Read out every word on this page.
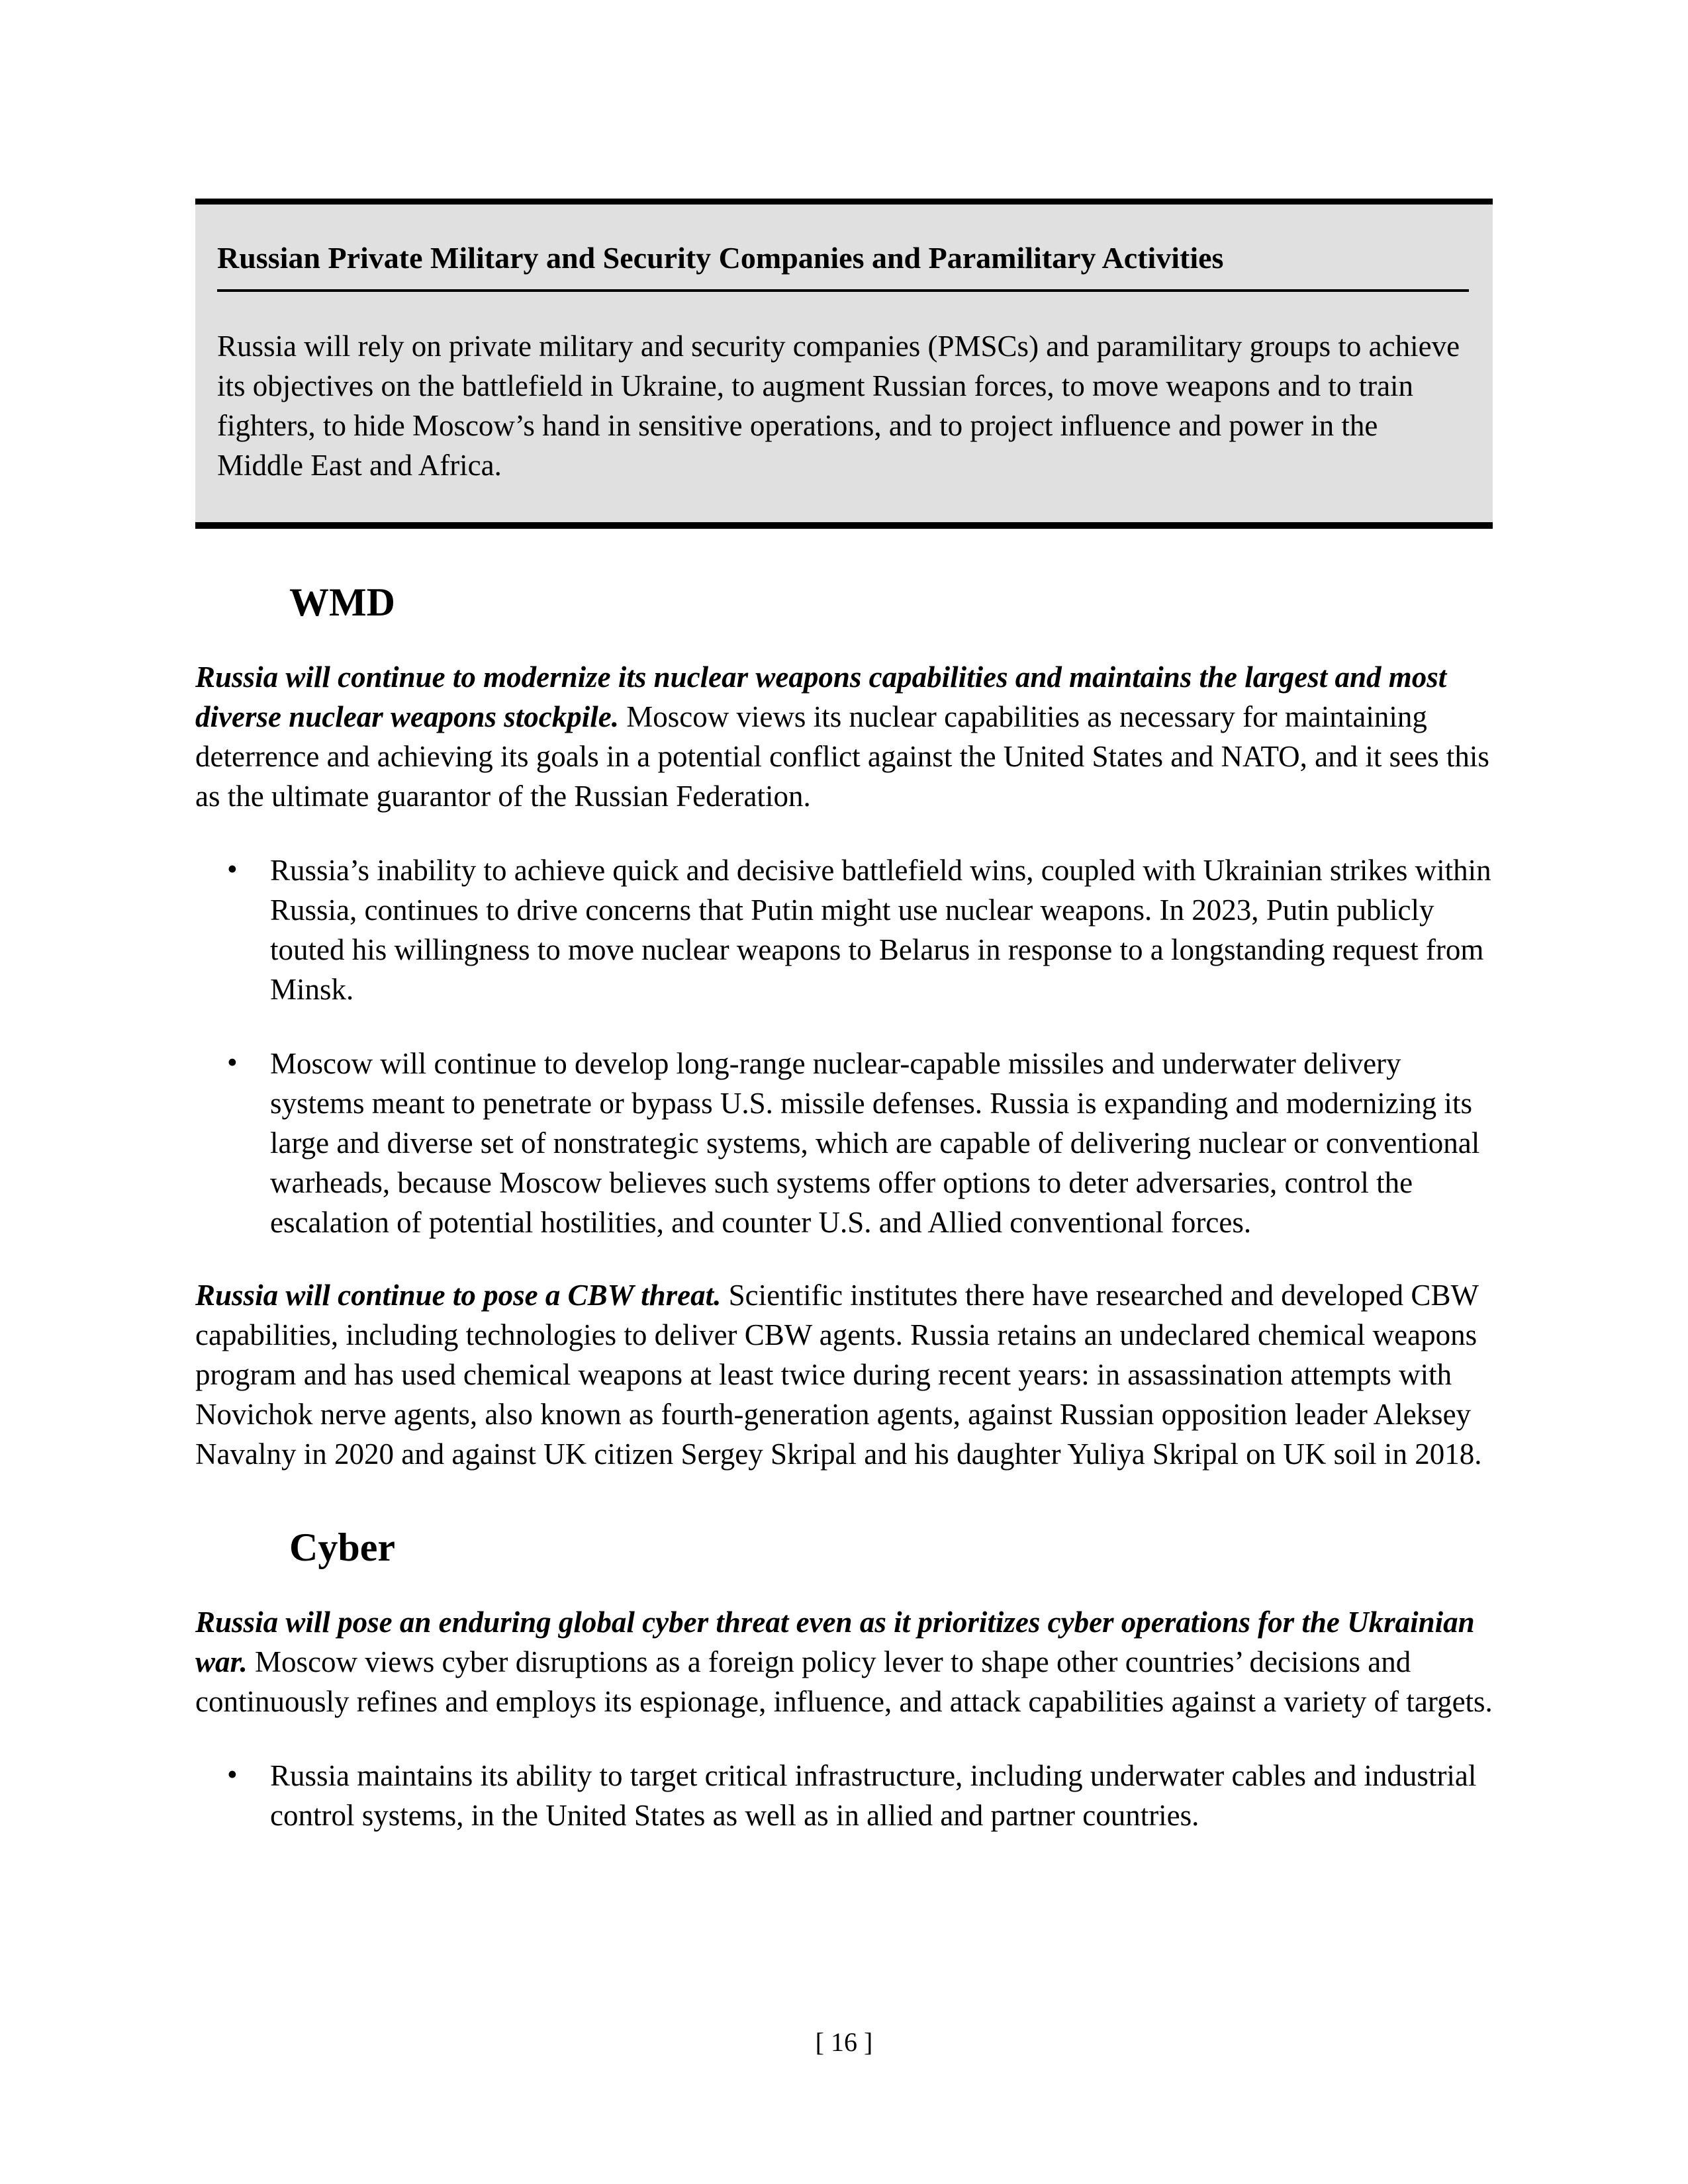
Russian Private Military and Security Companies and Paramilitary Activities

Russia will rely on private military and security companies (PMSCs) and paramilitary groups to achieve its objectives on the battlefield in Ukraine, to augment Russian forces, to move weapons and to train fighters, to hide Moscow’s hand in sensitive operations, and to project influence and power in the Middle East and Africa.

WMD

Russia will continue to modernize its nuclear weapons capabilities and maintains the largest and most diverse nuclear weapons stockpile. Moscow views its nuclear capabilities as necessary for maintaining deterrence and achieving its goals in a potential conflict against the United States and NATO, and it sees this as the ultimate guarantor of the Russian Federation.

• Russia’s inability to achieve quick and decisive battlefield wins, coupled with Ukrainian strikes within Russia, continues to drive concerns that Putin might use nuclear weapons. In 2023, Putin publicly touted his willingness to move nuclear weapons to Belarus in response to a longstanding request from Minsk.
• Moscow will continue to develop long-range nuclear-capable missiles and underwater delivery systems meant to penetrate or bypass U.S. missile defenses. Russia is expanding and modernizing its large and diverse set of nonstrategic systems, which are capable of delivering nuclear or conventional warheads, because Moscow believes such systems offer options to deter adversaries, control the escalation of potential hostilities, and counter U.S. and Allied conventional forces.

Russia will continue to pose a CBW threat. Scientific institutes there have researched and developed CBW capabilities, including technologies to deliver CBW agents. Russia retains an undeclared chemical weapons program and has used chemical weapons at least twice during recent years: in assassination attempts with Novichok nerve agents, also known as fourth-generation agents, against Russian opposition leader Aleksey Navalny in 2020 and against UK citizen Sergey Skripal and his daughter Yuliya Skripal on UK soil in 2018.

Cyber

Russia will pose an enduring global cyber threat even as it prioritizes cyber operations for the Ukrainian war. Moscow views cyber disruptions as a foreign policy lever to shape other countries’ decisions and continuously refines and employs its espionage, influence, and attack capabilities against a variety of targets.

• Russia maintains its ability to target critical infrastructure, including underwater cables and industrial control systems, in the United States as well as in allied and partner countries.
[ 16 ]
